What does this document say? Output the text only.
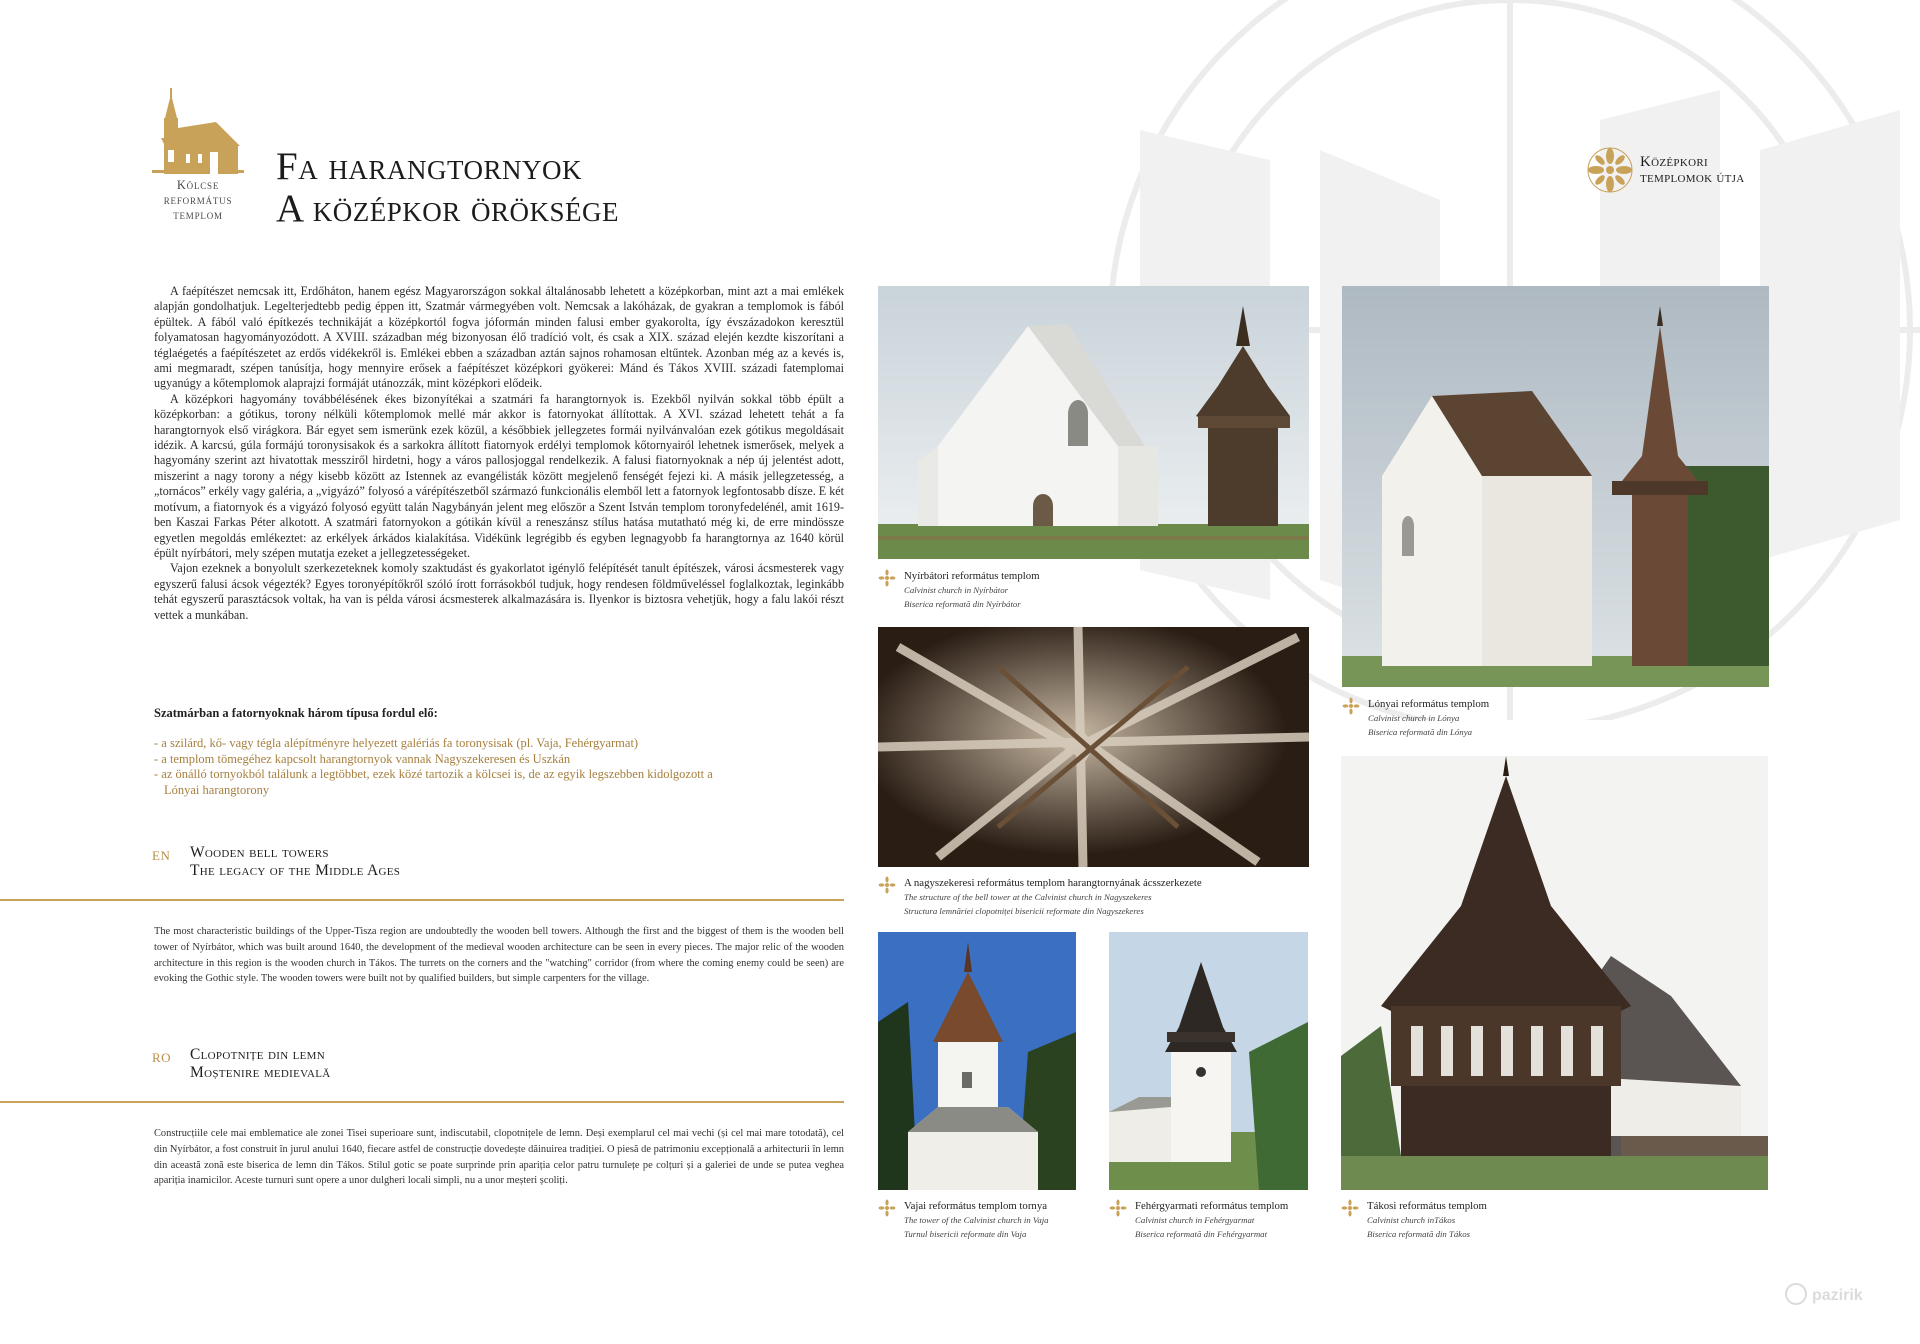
Kölcse
református
templom
Fa harangtornyok
A középkor öröksége
Középkori
templomok útja

A faépítészet nemcsak itt, Erdőháton, hanem egész Magyarországon sokkal általánosabb lehetett a középkorban, mint azt a mai emlékek alapján gondolhatjuk. Legelterjedtebb pedig éppen itt, Szatmár vármegyében volt. Nemcsak a lakóházak, de gyakran a templomok is fából épültek. A fából való építkezés technikáját a középkortól fogva jóformán minden falusi ember gyakorolta, így évszázadokon keresztül folyamatosan hagyományozódott. A XVIII. században még bizonyosan élő tradíció volt, és csak a XIX. század elején kezdte kiszorítani a téglaégetés a faépítészetet az erdős vidékekről is. Emlékei ebben a században aztán sajnos rohamosan eltűntek. Azonban még az a kevés is, ami megmaradt, szépen tanúsítja, hogy mennyire erősek a faépítészet középkori gyökerei: Mánd és Tákos XVIII. századi fatemplomai ugyanúgy a kőtemplomok alaprajzi formáját utánozzák, mint középkori elődeik.

A középkori hagyomány továbbélésének ékes bizonyítékai a szatmári fa harangtornyok is. Ezekből nyilván sokkal több épült a középkorban: a gótikus, torony nélküli kőtemplomok mellé már akkor is fatornyokat állítottak. A XVI. század lehetett tehát a fa harangtornyok első virágkora. Bár egyet sem ismerünk ezek közül, a későbbiek jellegzetes formái nyilvánvalóan ezek gótikus megoldásait idézik. A karcsú, gúla formájú toronysisakok és a sarkokra állított fiatornyok erdélyi templomok kőtornyairól lehetnek ismerősek, melyek a hagyomány szerint azt hivatottak messziről hirdetni, hogy a város pallosjoggal rendelkezik. A falusi fiatornyoknak a nép új jelentést adott, miszerint a nagy torony a négy kisebb között az Istennek az evangélisták között megjelenő fenségét fejezi ki. A másik jellegzetesség, a „tornácos” erkély vagy galéria, a „vigyázó” folyosó a várépítészetből származó funkcionális elemből lett a fatornyok legfontosabb dísze. E két motívum, a fiatornyok és a vigyázó folyosó együtt talán Nagybányán jelent meg először a Szent István templom toronyfedelénél, amit 1619-ben Kaszai Farkas Péter alkotott. A szatmári fatornyokon a gótikán kívül a reneszánsz stílus hatása mutatható még ki, de erre mindössze egyetlen megoldás emlékeztet: az erkélyek árkádos kialakítása. Vidékünk legrégibb és egyben legnagyobb fa harangtornya az 1640 körül épült nyírbátori, mely szépen mutatja ezeket a jellegzetességeket.

Vajon ezeknek a bonyolult szerkezeteknek komoly szaktudást és gyakorlatot igénylő felépítését tanult építészek, városi ácsmesterek vagy egyszerű falusi ácsok végezték? Egyes toronyépítőkről szóló írott forrásokból tudjuk, hogy rendesen földműveléssel foglalkoztak, leginkább tehát egyszerű parasztácsok voltak, ha van is példa városi ácsmesterek alkalmazására is. Ilyenkor is biztosra vehetjük, hogy a falu lakói részt vettek a munkában.

Szatmárban a fatornyoknak három típusa fordul elő:
- a szilárd, kő- vagy tégla alépítményre helyezett galériás fa toronysisak (pl. Vaja, Fehérgyarmat)
- a templom tömegéhez kapcsolt harangtornyok vannak Nagyszekeresen és Uszkán
- az önálló tornyokból találunk a legtöbbet, ezek közé tartozik a kölcsei is, de az egyik legszebben kidolgozott a
Lónyai harangtorony
EN Wooden bell towers
The legacy of the Middle Ages
The most characteristic buildings of the Upper-Tisza region are undoubtedly the wooden bell towers. Although the first and the biggest of them is the wooden bell tower of Nyírbátor, which was built around 1640, the development of the medieval wooden architecture can be seen in every pieces. The major relic of the wooden architecture in this region is the wooden church in Tákos. The turrets on the corners and the "watching" corridor (from where the coming enemy could be seen) are evoking the Gothic style. The wooden towers were built not by qualified builders, but simple carpenters for the village.
RO Clopotnițe din lemn
Moștenire medievală
Construcțiile cele mai emblematice ale zonei Tisei superioare sunt, indiscutabil, clopotnițele de lemn. Deși exemplarul cel mai vechi (și cel mai mare totodată), cel din Nyírbátor, a fost construit în jurul anului 1640, fiecare astfel de construcție dovedește dăinuirea tradiției. O piesă de patrimoniu excepțională a arhitecturii în lemn din această zonă este biserica de lemn din Tákos. Stilul gotic se poate surprinde prin apariția celor patru turnulețe pe colțuri și a galeriei de unde se putea veghea apariția inamicilor. Aceste turnuri sunt opere a unor dulgheri locali simpli, nu a unor meșteri școliți.
Nyírbátori református templom
Calvinist church in Nyírbátor
Biserica reformată din Nyírbátor
Lónyai református templom
Calvinist church in Lónya
Biserica reformată din Lónya
A nagyszekeresi református templom harangtornyának ácsszerkezete
The structure of the bell tower at the Calvinist church in Nagyszekeres
Structura lemnăriei clopotniței bisericii reformate din Nagyszekeres
Vajai református templom tornya
The tower of the Calvinist church in Vaja
Turnul bisericii reformate din Vaja
Fehérgyarmati református templom
Calvinist church in Fehérgyarmat
Biserica reformată din Fehérgyarmat
Tákosi református templom
Calvinist church inTákos
Biserica reformată din Tákos
pazirik
